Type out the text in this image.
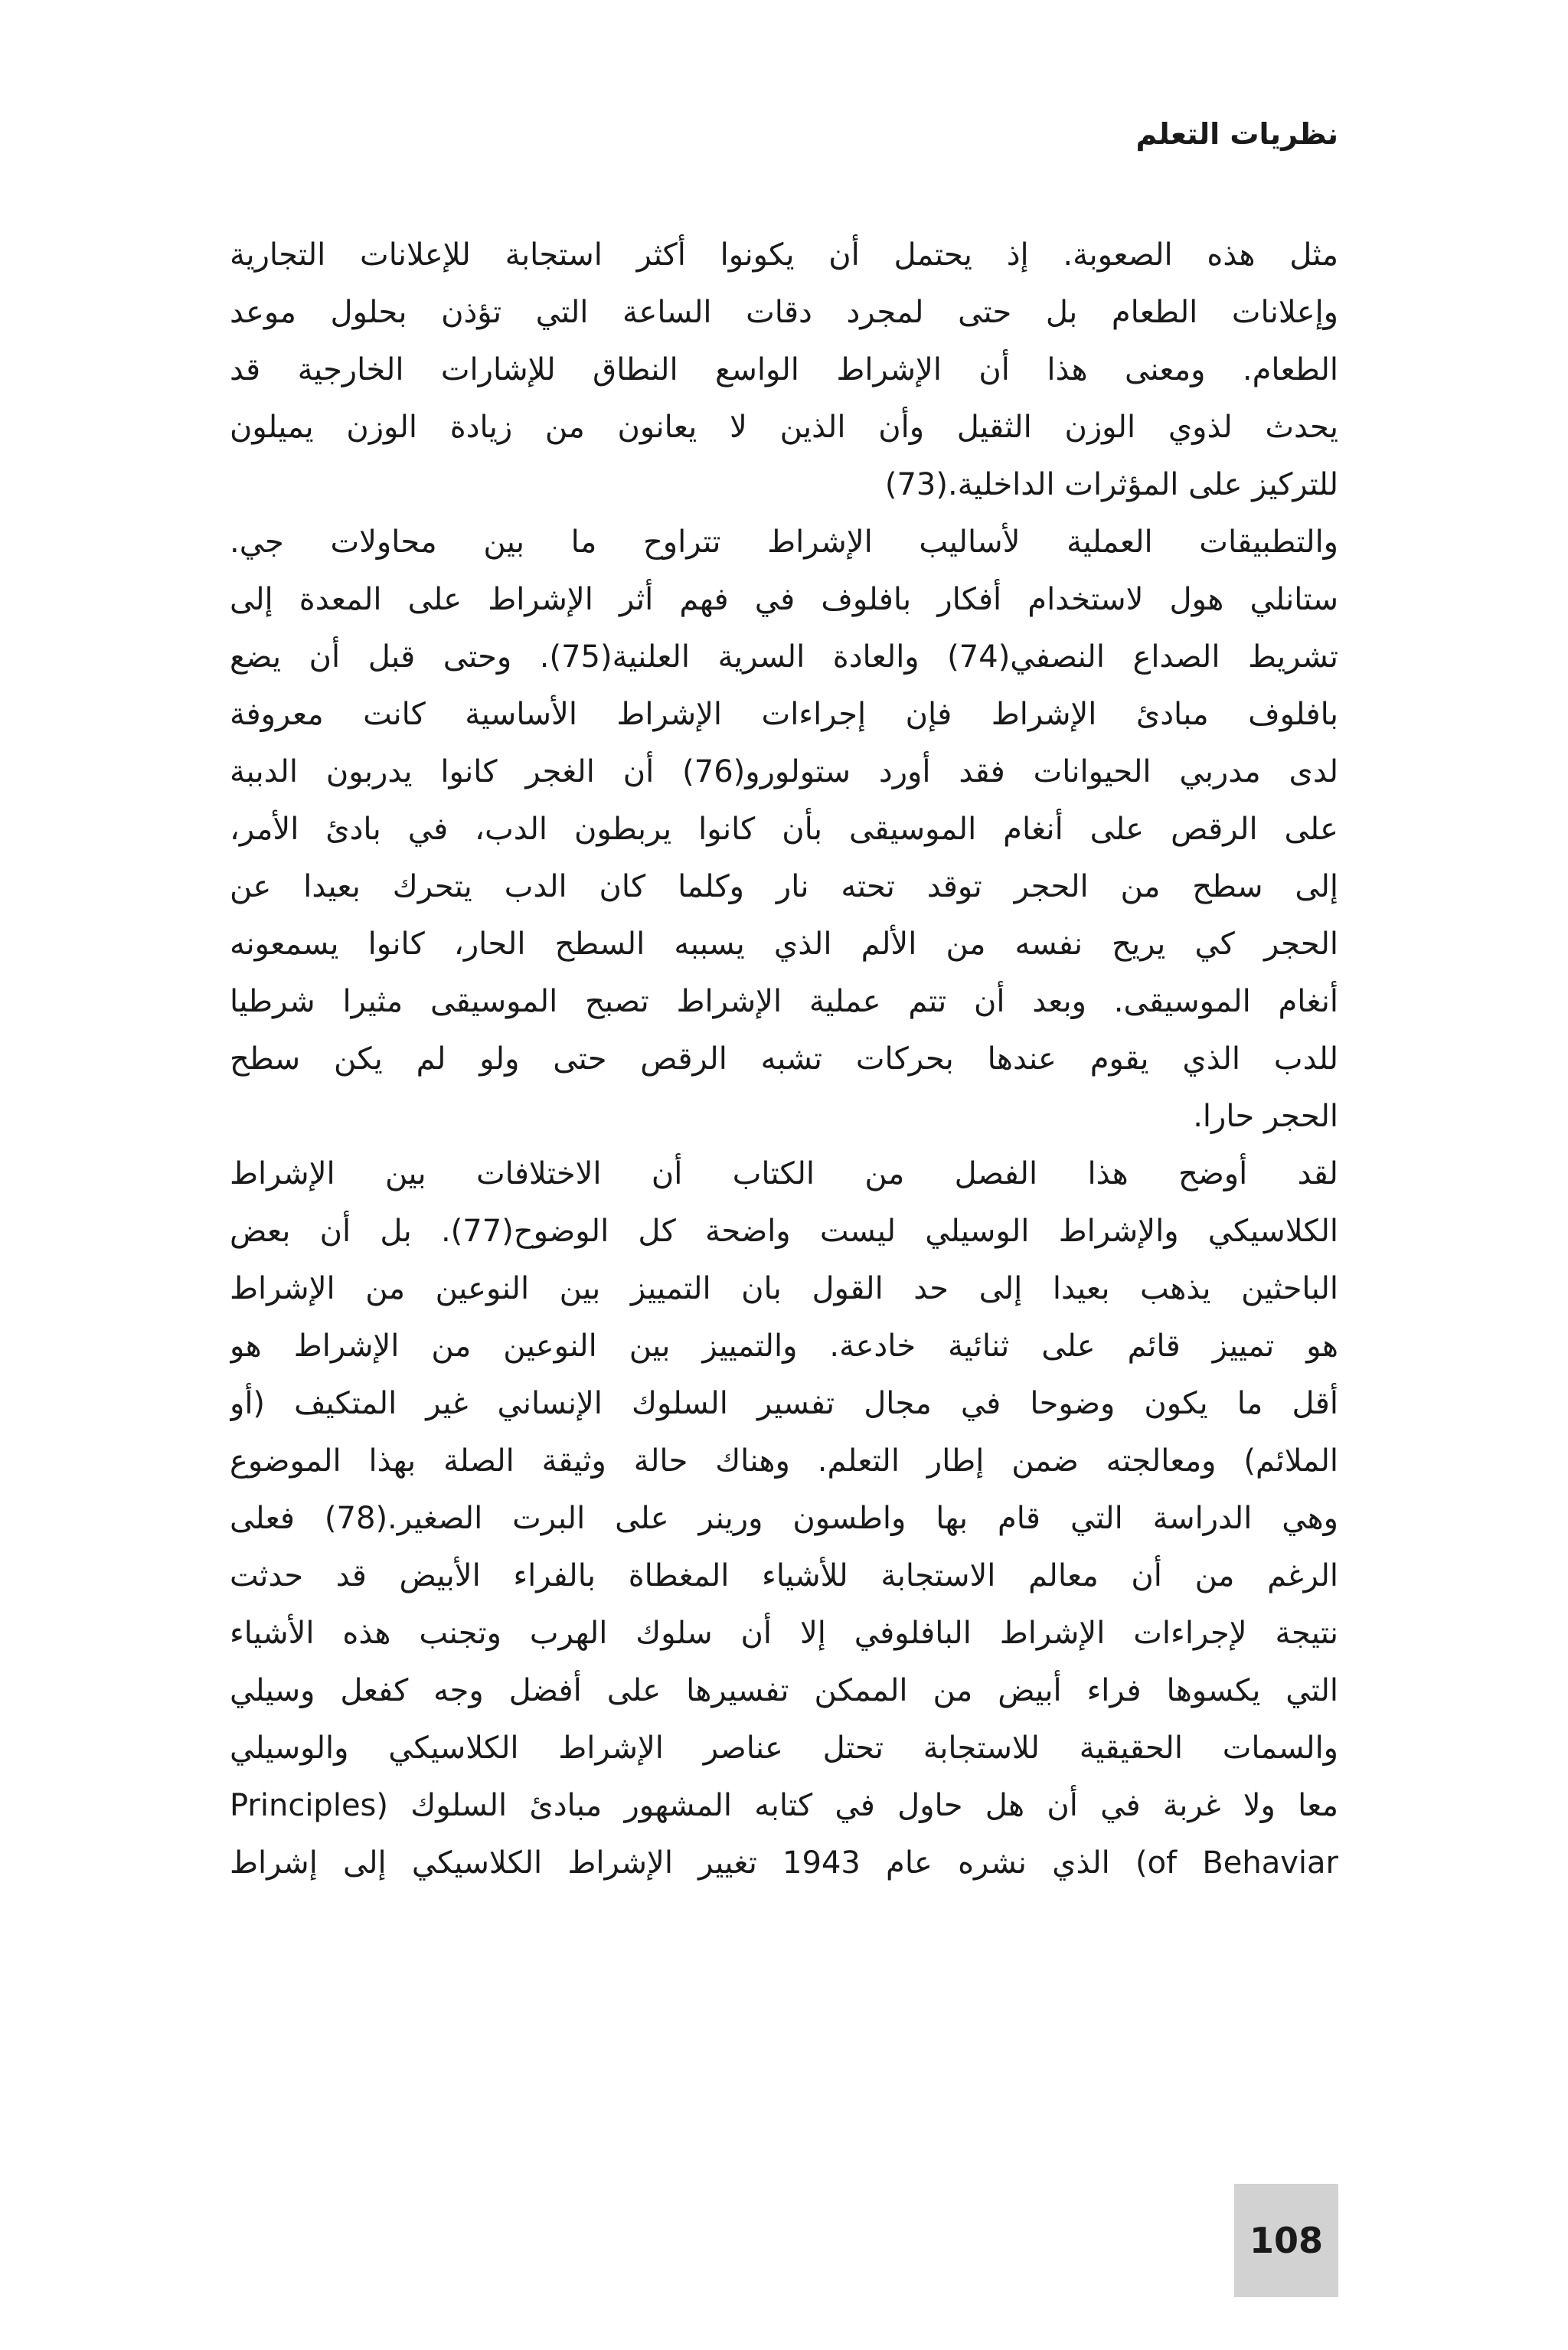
نظريات التعلم
مثل هذه الصعوبة. إذ يحتمل أن يكونوا أكثر استجابة للإعلانات التجارية
وإعلانات الطعام بل حتى لمجرد دقات الساعة التي تؤذن بحلول موعد
الطعام. ومعنى هذا أن الإشراط الواسع النطاق للإشارات الخارجية قد
يحدث لذوي الوزن الثقيل وأن الذين لا يعانون من زيادة الوزن يميلون
للتركيز على المؤثرات الداخلية.(73)
والتطبيقات العملية لأساليب الإشراط تتراوح ما بين محاولات جي.
ستانلي هول لاستخدام أفكار بافلوف في فهم أثر الإشراط على المعدة إلى
تشريط الصداع النصفي(74) والعادة السرية العلنية(75). وحتى قبل أن يضع
بافلوف مبادئ الإشراط فإن إجراءات الإشراط الأساسية كانت معروفة
لدى مدربي الحيوانات فقد أورد ستولورو(76) أن الغجر كانوا يدربون الدببة
على الرقص على أنغام الموسيقى بأن كانوا يربطون الدب، في بادئ الأمر،
إلى سطح من الحجر توقد تحته نار وكلما كان الدب يتحرك بعيدا عن
الحجر كي يريح نفسه من الألم الذي يسببه السطح الحار، كانوا يسمعونه
أنغام الموسيقى. وبعد أن تتم عملية الإشراط تصبح الموسيقى مثيرا شرطيا
للدب الذي يقوم عندها بحركات تشبه الرقص حتى ولو لم يكن سطح
الحجر حارا.
لقد أوضح هذا الفصل من الكتاب أن الاختلافات بين الإشراط
الكلاسيكي والإشراط الوسيلي ليست واضحة كل الوضوح(77). بل أن بعض
الباحثين يذهب بعيدا إلى حد القول بان التمييز بين النوعين من الإشراط
هو تمييز قائم على ثنائية خادعة. والتمييز بين النوعين من الإشراط هو
أقل ما يكون وضوحا في مجال تفسير السلوك الإنساني غير المتكيف (أو
الملائم) ومعالجته ضمن إطار التعلم. وهناك حالة وثيقة الصلة بهذا الموضوع
وهي الدراسة التي قام بها واطسون ورينر على البرت الصغير.(78) فعلى
الرغم من أن معالم الاستجابة للأشياء المغطاة بالفراء الأبيض قد حدثت
نتيجة لإجراءات الإشراط البافلوفي إلا أن سلوك الهرب وتجنب هذه الأشياء
التي يكسوها فراء أبيض من الممكن تفسيرها على أفضل وجه كفعل وسيلي
والسمات الحقيقية للاستجابة تحتل عناصر الإشراط الكلاسيكي والوسيلي
معا ولا غربة في أن هل حاول في كتابه المشهور مبادئ السلوك (Principles
of Behaviar) الذي نشره عام 1943 تغيير الإشراط الكلاسيكي إلى إشراط
108
